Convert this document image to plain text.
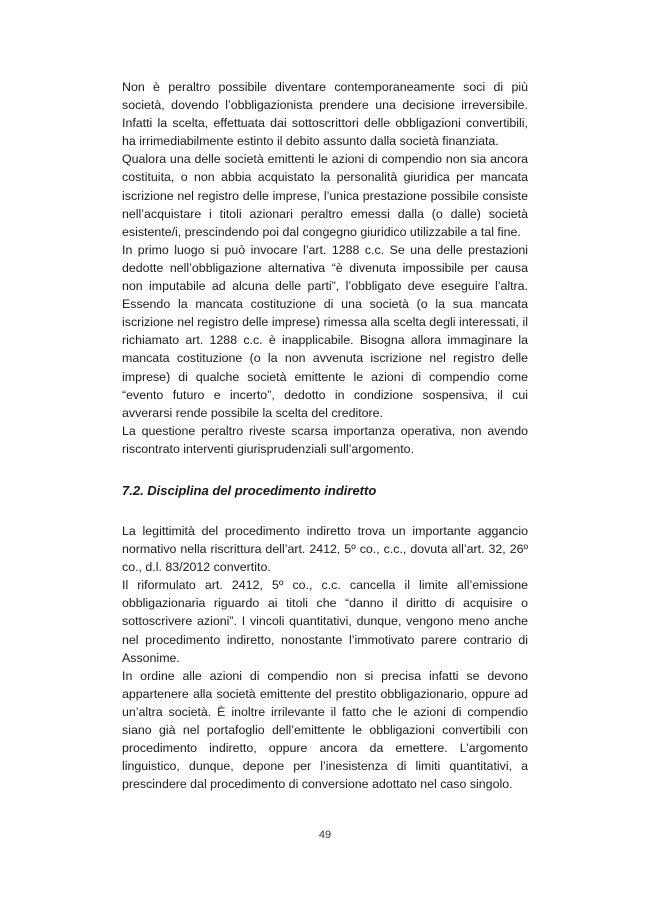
Non è peraltro possibile diventare contemporaneamente soci di più società, dovendo l’obbligazionista prendere una decisione irreversibile. Infatti la scelta, effettuata dai sottoscrittori delle obbligazioni convertibili, ha irrimediabilmente estinto il debito assunto dalla società finanziata.

Qualora una delle società emittenti le azioni di compendio non sia ancora costituita, o non abbia acquistato la personalità giuridica per mancata iscrizione nel registro delle imprese, l’unica prestazione possibile consiste nell’acquistare i titoli azionari peraltro emessi dalla (o dalle) società esistente/i, prescindendo poi dal congegno giuridico utilizzabile a tal fine.

In primo luogo si può invocare l’art. 1288 c.c. Se una delle prestazioni dedotte nell’obbligazione alternativa “è divenuta impossibile per causa non imputabile ad alcuna delle parti”, l’obbligato deve eseguire l’altra. Essendo la mancata costituzione di una società (o la sua mancata iscrizione nel registro delle imprese) rimessa alla scelta degli interessati, il richiamato art. 1288 c.c. è inapplicabile. Bisogna allora immaginare la mancata costituzione (o la non avvenuta iscrizione nel registro delle imprese) di qualche società emittente le azioni di compendio come “evento futuro e incerto”, dedotto in condizione sospensiva, il cui avverarsi rende possibile la scelta del creditore.

La questione peraltro riveste scarsa importanza operativa, non avendo riscontrato interventi giurisprudenziali sull’argomento.

7.2. Disciplina del procedimento indiretto

La legittimità del procedimento indiretto trova un importante aggancio normativo nella riscrittura dell’art. 2412, 5º co., c.c., dovuta all’art. 32, 26º co., d.l. 83/2012 convertito.

Il riformulato art. 2412, 5º co., c.c. cancella il limite all’emissione obbligazionaria riguardo ai titoli che “danno il diritto di acquisire o sottoscrivere azioni”. I vincoli quantitativi, dunque, vengono meno anche nel procedimento indiretto, nonostante l’immotivato parere contrario di Assonime.

In ordine alle azioni di compendio non si precisa infatti se devono appartenere alla società emittente del prestito obbligazionario, oppure ad un’altra società. È inoltre irrilevante il fatto che le azioni di compendio siano già nel portafoglio dell’emittente le obbligazioni convertibili con procedimento indiretto, oppure ancora da emettere. L’argomento linguistico, dunque, depone per l’inesistenza di limiti quantitativi, a prescindere dal procedimento di conversione adottato nel caso singolo.

49
